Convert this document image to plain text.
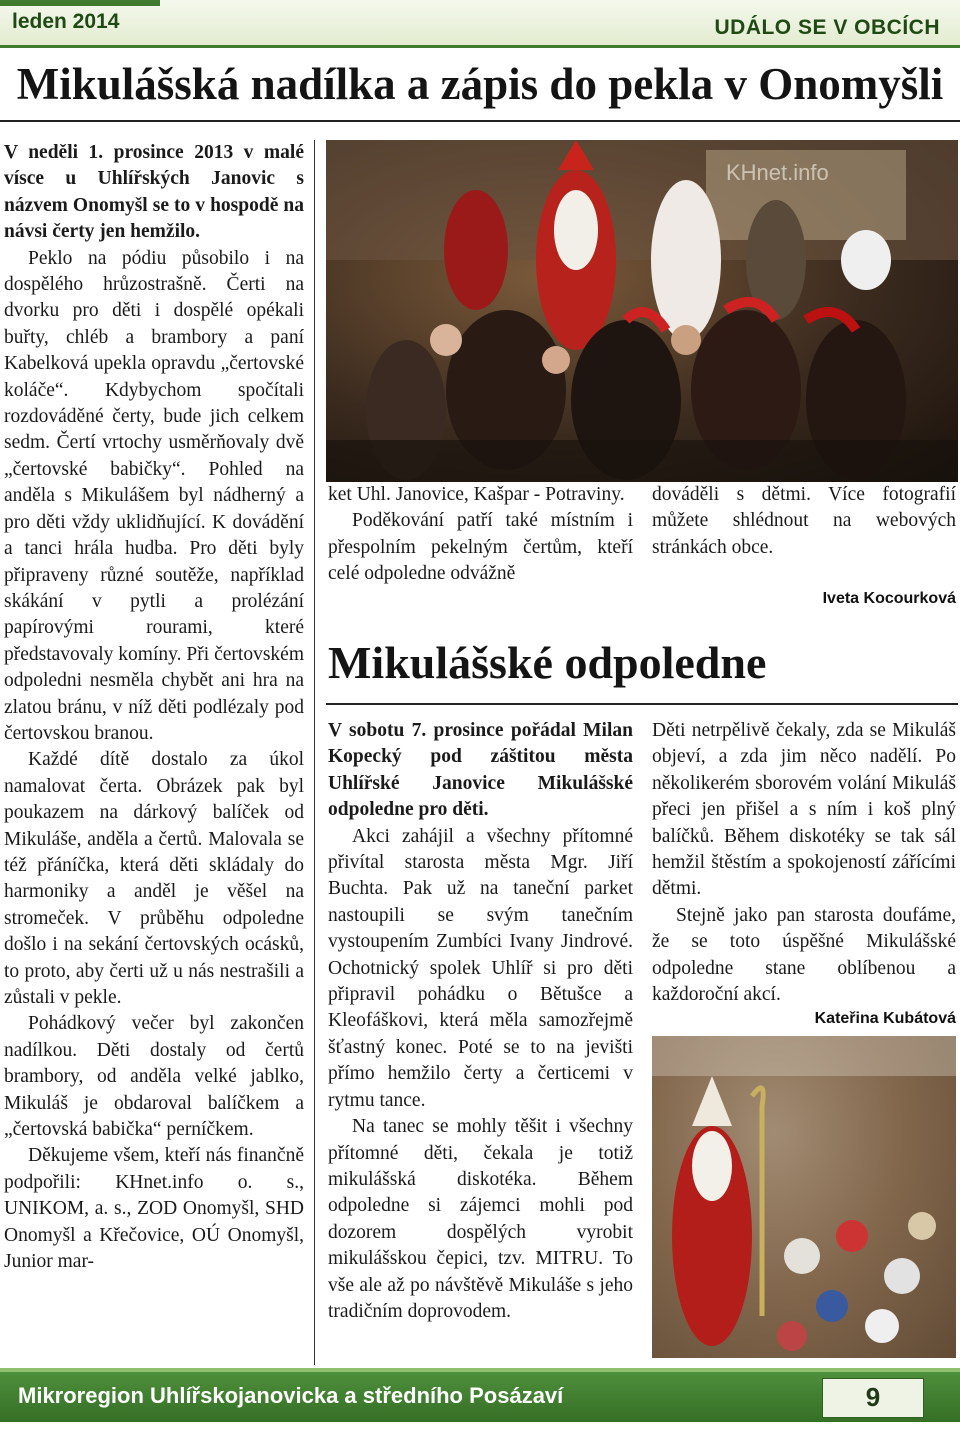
leden 2014	UDÁLO SE V OBCÍCH
Mikulášská nadílka a zápis do pekla v Onomyšli

V neděli 1. prosince 2013 v malé vísce u Uhlířských Janovic s názvem Onomyšl se to v hospodě na návsi čerty jen hemžilo.

Peklo na pódiu působilo i na dospělého hrůzostrašně. Čerti na dvorku pro děti i dospělé opékali buřty, chléb a brambory a paní Kabelková upekla opravdu „čertovské koláče“. Kdybychom spočítali rozdováděné čerty, bude jich celkem sedm. Čertí vrtochy usměrňovaly dvě „čertovské babičky“. Pohled na anděla s Mikulášem byl nádherný a pro děti vždy uklidňující. K dovádění a tanci hrála hudba. Pro děti byly připraveny různé soutěže, například skákání v pytli a prolézání papírovými rourami, které představovaly komíny. Při čertovském odpoledni nesměla chybět ani hra na zlatou bránu, v níž děti podlézaly pod čertovskou branou.

Každé dítě dostalo za úkol namalovat čerta. Obrázek pak byl poukazem na dárkový balíček od Mikuláše, anděla a čertů. Malovala se též přáníčka, která děti skládaly do harmoniky a anděl je věšel na stromeček. V průběhu odpoledne došlo i na sekání čertovských ocásků, to proto, aby čerti už u nás nestrašili a zůstali v pekle.

Pohádkový večer byl zakončen nadílkou. Děti dostaly od čertů brambory, od anděla velké jablko, Mikuláš je obdaroval balíčkem a „čertovská babička“ perníčkem.

Děkujeme všem, kteří nás finančně podpořili: KHnet.info o. s., UNIKOM, a. s., ZOD Onomyšl, SHD Onomyšl a Křečovice, OÚ Onomyšl, Junior mar-

KHnet.info

ket Uhl. Janovice, Kašpar - Potraviny.

Poděkování patří také místním i přespolním pekelným čertům, kteří celé odpoledne odvážně

dováděli s dětmi. Více fotografií můžete shlédnout na webových stránkách obce.

Iveta Kocourková
Mikulášské odpoledne

V sobotu 7. prosince pořádal Milan Kopecký pod záštitou města Uhlířské Janovice Mikulášské odpoledne pro děti.

Akci zahájil a všechny přítomné přivítal starosta města Mgr. Jiří Buchta. Pak už na taneční parket nastoupili se svým tanečním vystoupením Zumbíci Ivany Jindrové. Ochotnický spolek Uhlíř si pro děti připravil pohádku o Bětušce a Kleofáškovi, která měla samozřejmě šťastný konec. Poté se to na jevišti přímo hemžilo čerty a čerticemi v rytmu tance.

Na tanec se mohly těšit i všechny přítomné děti, čekala je totiž mikulášská diskotéka. Během odpoledne si zájemci mohli pod dozorem dospělých vyrobit mikulášskou čepici, tzv. MITRU. To vše ale až po návštěvě Mikuláše s jeho tradičním doprovodem.

Děti netrpělivě čekaly, zda se Mikuláš objeví, a zda jim něco nadělí. Po několikerém sborovém volání Mikuláš přeci jen přišel a s ním i koš plný balíčků. Během diskotéky se tak sál hemžil štěstím a spokojeností zářícími dětmi.

Stejně jako pan starosta doufáme, že se toto úspěšné Mikulášské odpoledne stane oblíbenou a každoroční akcí.

Kateřina Kubátová
Mikroregion Uhlířskojanovicka a středního Posázaví	9
